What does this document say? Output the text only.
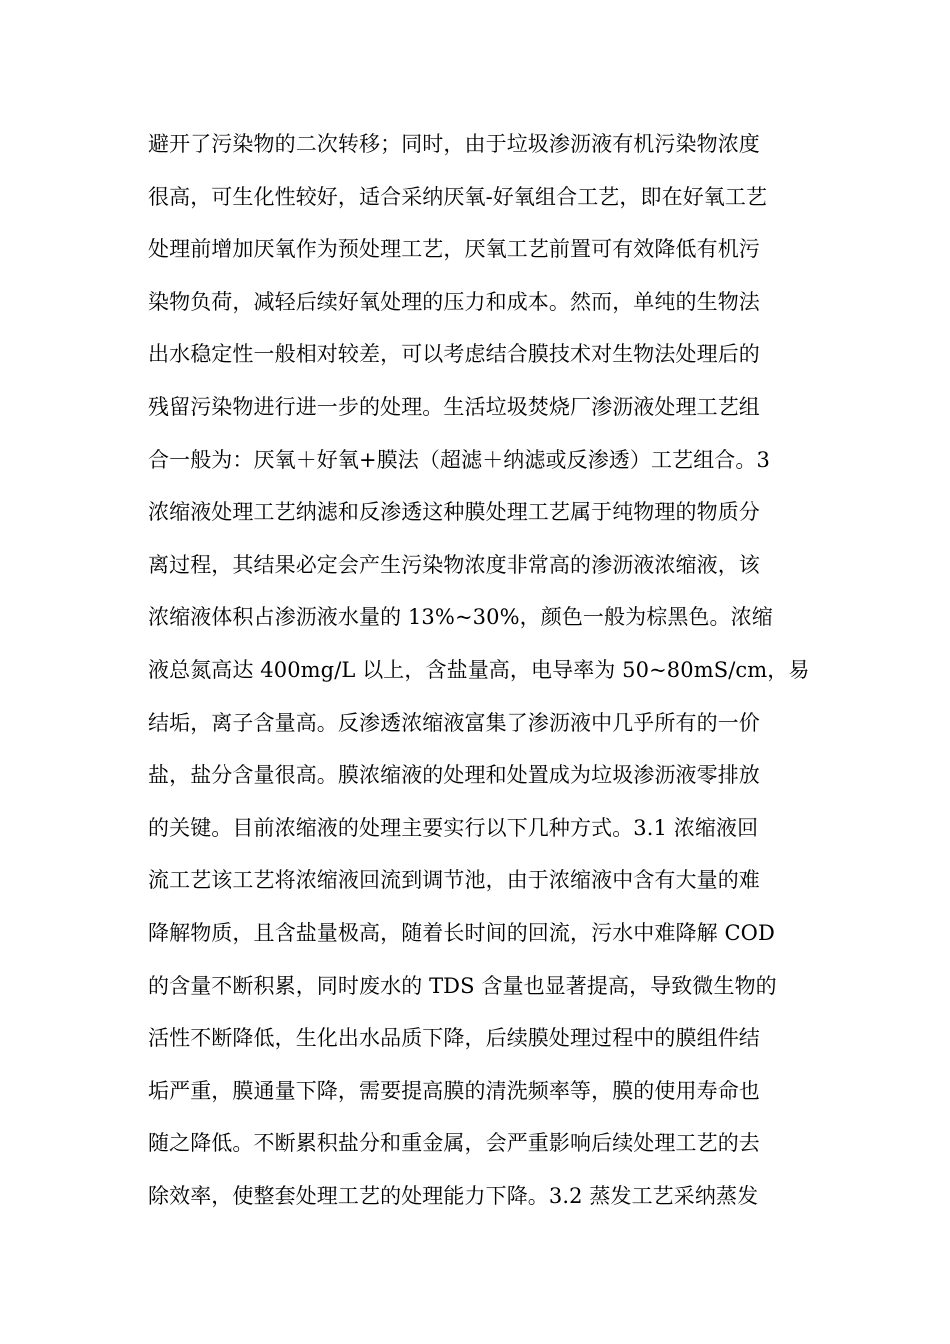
避开了污染物的二次转移；同时，由于垃圾渗沥液有机污染物浓度
很高，可生化性较好，适合采纳厌氧-好氧组合工艺，即在好氧工艺
处理前增加厌氧作为预处理工艺，厌氧工艺前置可有效降低有机污
染物负荷，减轻后续好氧处理的压力和成本。然而，单纯的生物法
出水稳定性一般相对较差，可以考虑结合膜技术对生物法处理后的
残留污染物进行进一步的处理。生活垃圾焚烧厂渗沥液处理工艺组
合一般为：厌氧＋好氧+膜法（超滤＋纳滤或反渗透）工艺组合。3
浓缩液处理工艺纳滤和反渗透这种膜处理工艺属于纯物理的物质分
离过程，其结果必定会产生污染物浓度非常高的渗沥液浓缩液，该
浓缩液体积占渗沥液水量的 13%~30%，颜色一般为棕黑色。浓缩
液总氮高达 400mg/L 以上，含盐量高，电导率为 50~80mS/cm，易
结垢，离子含量高。反渗透浓缩液富集了渗沥液中几乎所有的一价
盐，盐分含量很高。膜浓缩液的处理和处置成为垃圾渗沥液零排放
的关键。目前浓缩液的处理主要实行以下几种方式。3.1 浓缩液回
流工艺该工艺将浓缩液回流到调节池，由于浓缩液中含有大量的难
降解物质，且含盐量极高，随着长时间的回流，污水中难降解 COD
的含量不断积累，同时废水的 TDS 含量也显著提高，导致微生物的
活性不断降低，生化出水品质下降，后续膜处理过程中的膜组件结
垢严重，膜通量下降，需要提高膜的清洗频率等，膜的使用寿命也
随之降低。不断累积盐分和重金属，会严重影响后续处理工艺的去
除效率，使整套处理工艺的处理能力下降。3.2 蒸发工艺采纳蒸发
